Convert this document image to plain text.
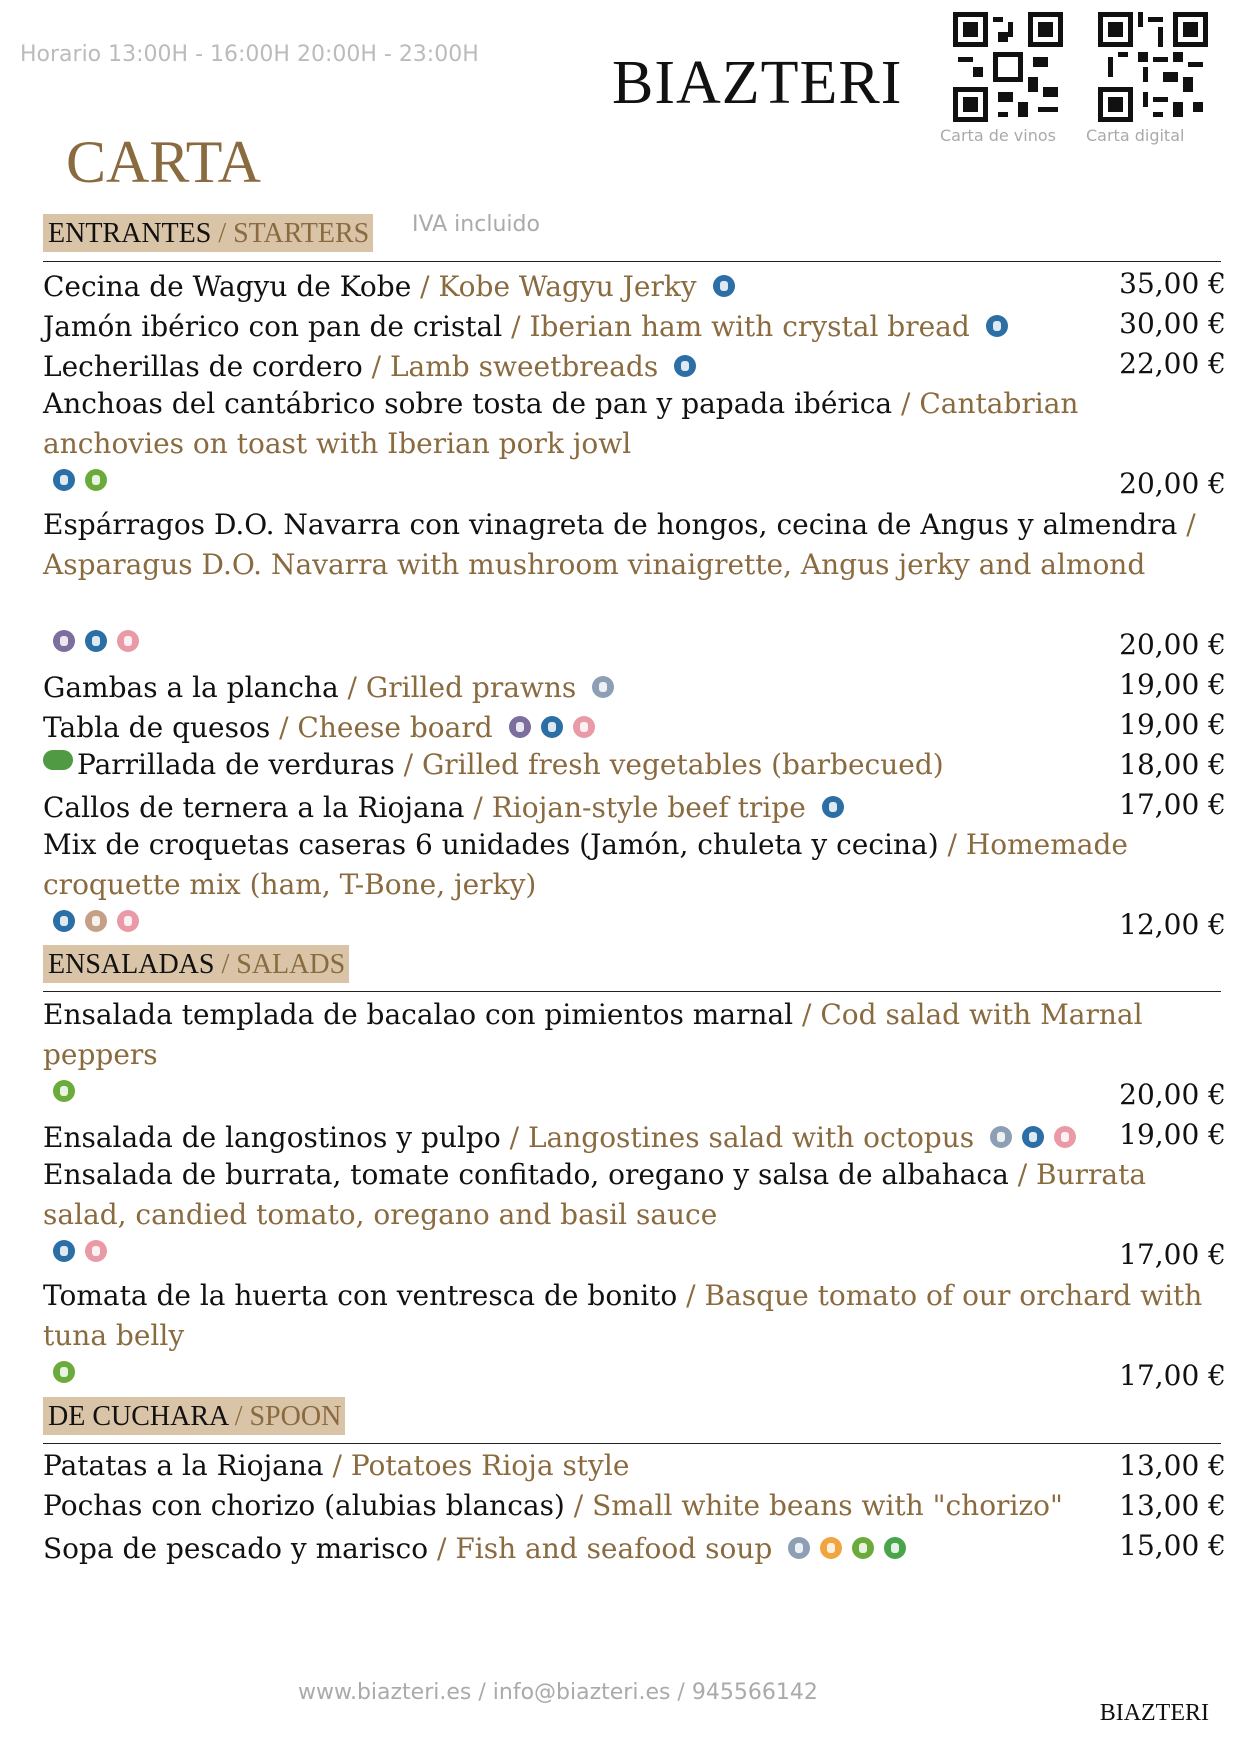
Horario 13:00H - 16:00H 20:00H - 23:00H BIAZTERI
Carta de vinos Carta digital
CARTA
ENTRANTES / STARTERS IVA incluido
Cecina de Wagyu de Kobe / Kobe Wagyu Jerky	35,00 €
Jamón ibérico con pan de cristal / Iberian ham with crystal bread	30,00 €
Lecherillas de cordero / Lamb sweetbreads	22,00 €
Anchoas del cantábrico sobre tosta de pan y papada ibérica / Cantabrian anchovies on toast with Iberian pork jowl
20,00 €
Espárragos D.O. Navarra con vinagreta de hongos, cecina de Angus y almendra / Asparagus D.O. Navarra with mushroom vinaigrette, Angus jerky and almond
20,00 €
Gambas a la plancha / Grilled prawns	19,00 €
Tabla de quesos / Cheese board	19,00 €
Parrillada de verduras / Grilled fresh vegetables (barbecued)	18,00 €
Callos de ternera a la Riojana / Riojan-style beef tripe	17,00 €
Mix de croquetas caseras 6 unidades (Jamón, chuleta y cecina) / Homemade croquette mix (ham, T-Bone, jerky)
12,00 €
ENSALADAS / SALADS
Ensalada templada de bacalao con pimientos marnal / Cod salad with Marnal peppers
20,00 €
Ensalada de langostinos y pulpo / Langostines salad with octopus	19,00 €
Ensalada de burrata, tomate confitado, oregano y salsa de albahaca / Burrata salad, candied tomato, oregano and basil sauce
17,00 €
Tomata de la huerta con ventresca de bonito / Basque tomato of our orchard with tuna belly
17,00 €
DE CUCHARA / SPOON
Patatas a la Riojana / Potatoes Rioja style	13,00 €
Pochas con chorizo (alubias blancas) / Small white beans with "chorizo"	13,00 €
Sopa de pescado y marisco / Fish and seafood soup	15,00 €
www.biazteri.es / info@biazteri.es / 945566142
BIAZTERI
